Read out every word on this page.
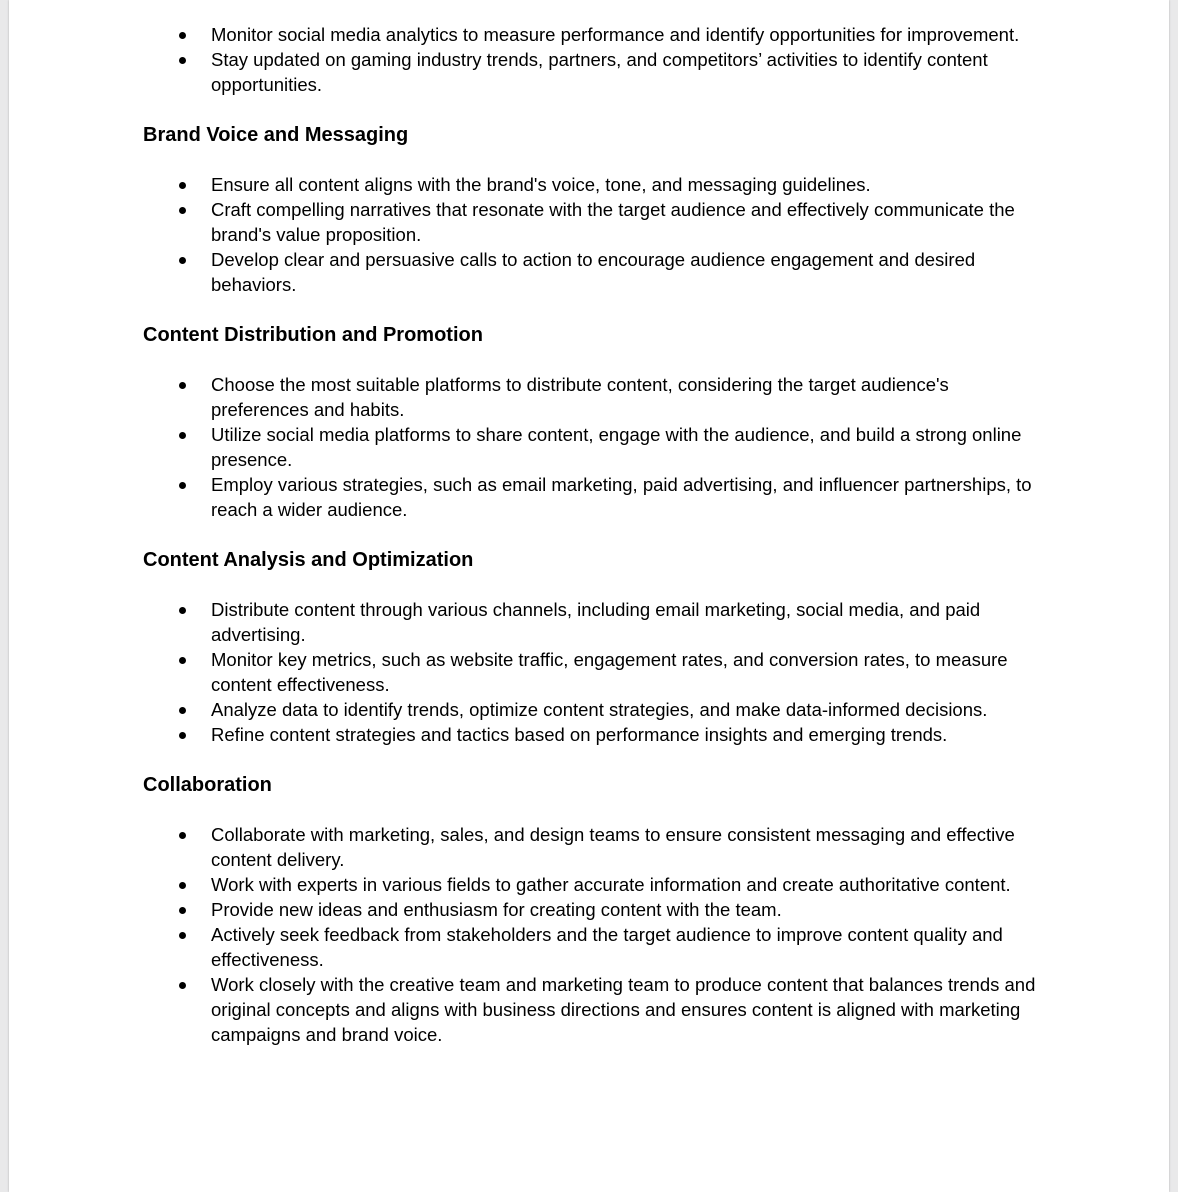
Monitor social media analytics to measure performance and identify opportunities for improvement.
Stay updated on gaming industry trends, partners, and competitors’ activities to identify content opportunities.
Brand Voice and Messaging
Ensure all content aligns with the brand's voice, tone, and messaging guidelines.
Craft compelling narratives that resonate with the target audience and effectively communicate the brand's value proposition.
Develop clear and persuasive calls to action to encourage audience engagement and desired behaviors.
Content Distribution and Promotion
Choose the most suitable platforms to distribute content, considering the target audience's preferences and habits.
Utilize social media platforms to share content, engage with the audience, and build a strong online presence.
Employ various strategies, such as email marketing, paid advertising, and influencer partnerships, to reach a wider audience.
Content Analysis and Optimization
Distribute content through various channels, including email marketing, social media, and paid advertising.
Monitor key metrics, such as website traffic, engagement rates, and conversion rates, to measure content effectiveness.
Analyze data to identify trends, optimize content strategies, and make data-informed decisions.
Refine content strategies and tactics based on performance insights and emerging trends.
Collaboration
Collaborate with marketing, sales, and design teams to ensure consistent messaging and effective content delivery.
Work with experts in various fields to gather accurate information and create authoritative content.
Provide new ideas and enthusiasm for creating content with the team.
Actively seek feedback from stakeholders and the target audience to improve content quality and effectiveness.
Work closely with the creative team and marketing team to produce content that balances trends and original concepts and aligns with business directions and ensures content is aligned with marketing campaigns and brand voice.
